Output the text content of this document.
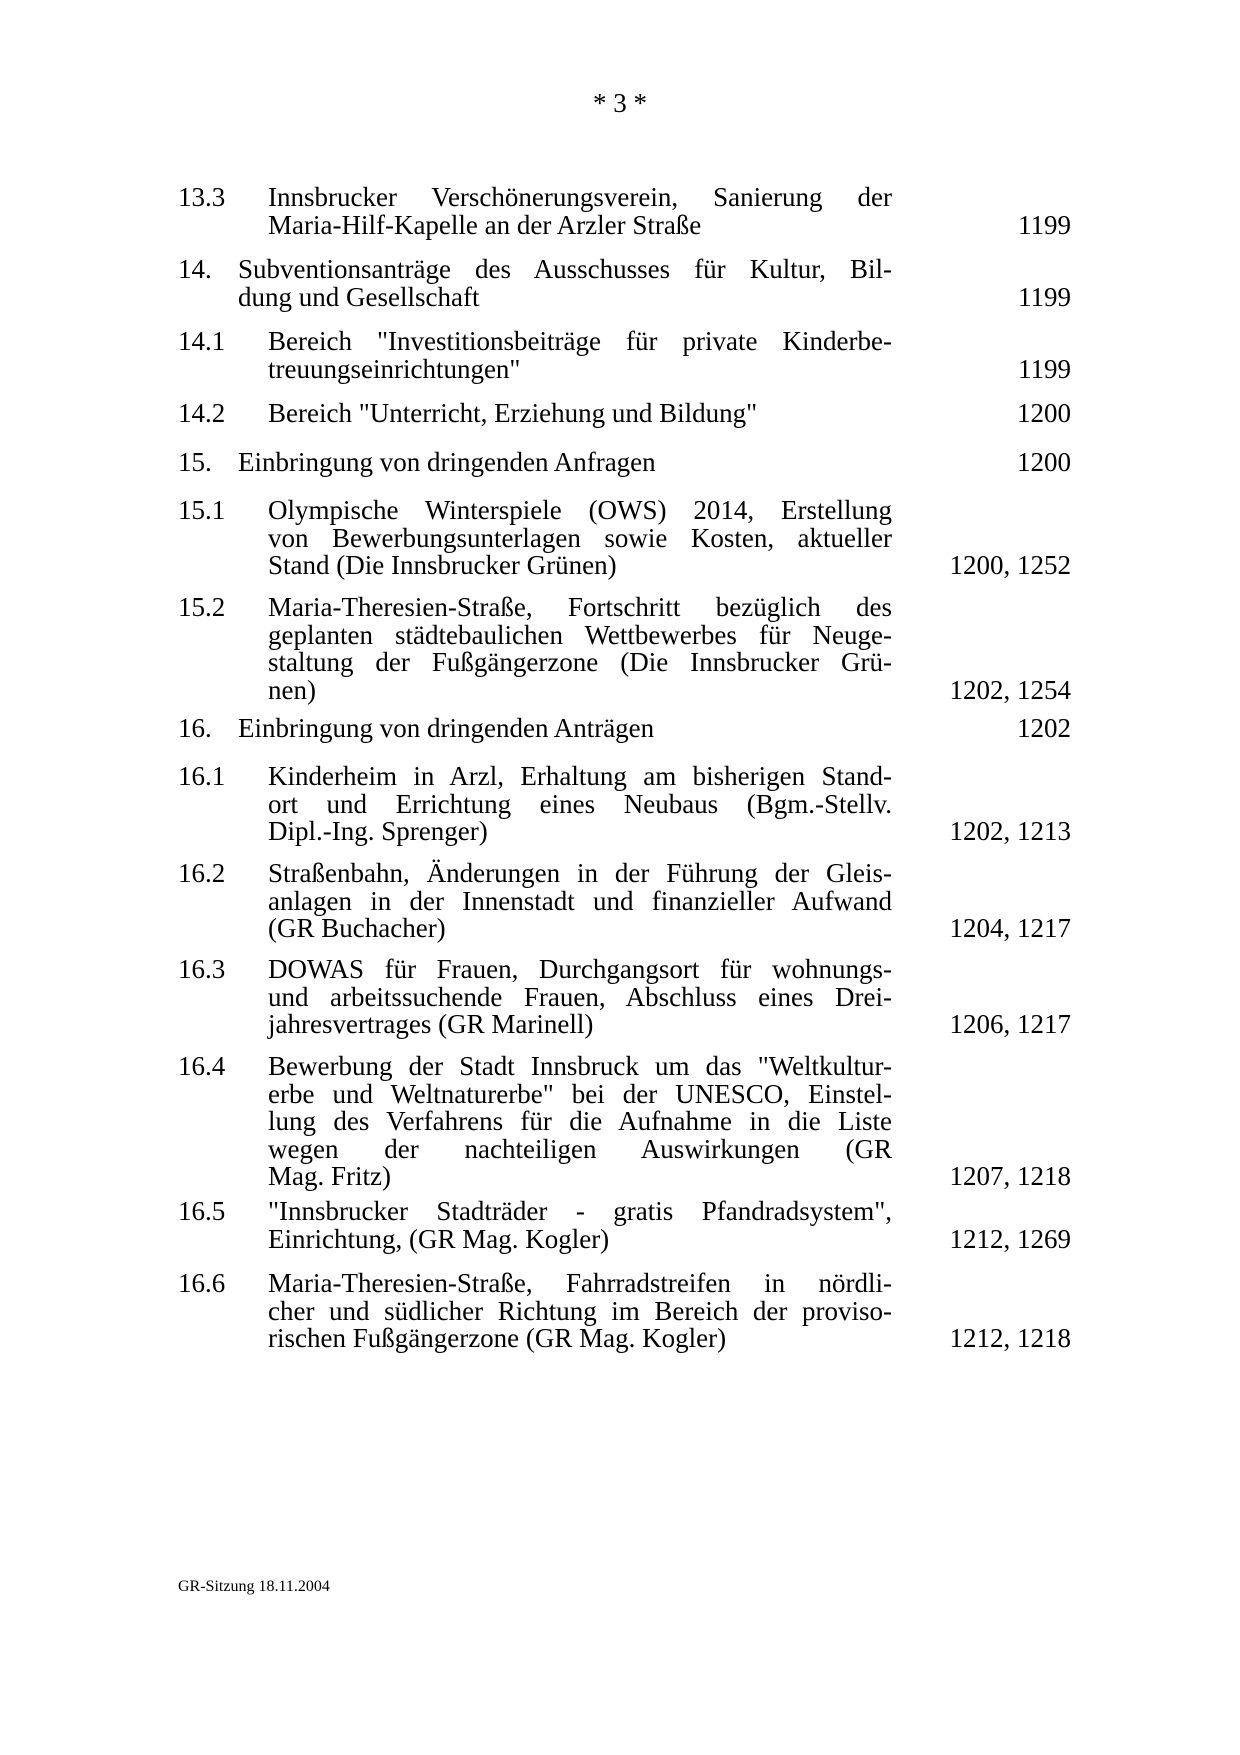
* 3 *
13.3 Innsbrucker Verschönerungsverein, Sanierung der
Maria-Hilf-Kapelle an der Arzler Straße	1199
14. Subventionsanträge des Ausschusses für Kultur, Bil-
dung und Gesellschaft	1199
14.1 Bereich "Investitionsbeiträge für private Kinderbe-
treuungseinrichtungen"	1199
14.2 Bereich "Unterricht, Erziehung und Bildung"	1200
15. Einbringung von dringenden Anfragen	1200
15.1 Olympische Winterspiele (OWS) 2014, Erstellung
von Bewerbungsunterlagen sowie Kosten, aktueller
Stand (Die Innsbrucker Grünen)	1200, 1252
15.2 Maria-Theresien-Straße, Fortschritt bezüglich des
geplanten städtebaulichen Wettbewerbes für Neuge-
staltung der Fußgängerzone (Die Innsbrucker Grü-
nen)	1202, 1254
16. Einbringung von dringenden Anträgen	1202
16.1 Kinderheim in Arzl, Erhaltung am bisherigen Stand-
ort und Errichtung eines Neubaus (Bgm.-Stellv.
Dipl.-Ing. Sprenger)	1202, 1213
16.2 Straßenbahn, Änderungen in der Führung der Gleis-
anlagen in der Innenstadt und finanzieller Aufwand
(GR Buchacher)	1204, 1217
16.3 DOWAS für Frauen, Durchgangsort für wohnungs-
und arbeitssuchende Frauen, Abschluss eines Drei-
jahresvertrages (GR Marinell)	1206, 1217
16.4 Bewerbung der Stadt Innsbruck um das "Weltkultur-
erbe und Weltnaturerbe" bei der UNESCO, Einstel-
lung des Verfahrens für die Aufnahme in die Liste
wegen der nachteiligen Auswirkungen (GR
Mag. Fritz)	1207, 1218
16.5 "Innsbrucker Stadträder - gratis Pfandradsystem",
Einrichtung, (GR Mag. Kogler)	1212, 1269
16.6 Maria-Theresien-Straße, Fahrradstreifen in nördli-
cher und südlicher Richtung im Bereich der proviso-
rischen Fußgängerzone (GR Mag. Kogler)	1212, 1218
GR-Sitzung 18.11.2004
